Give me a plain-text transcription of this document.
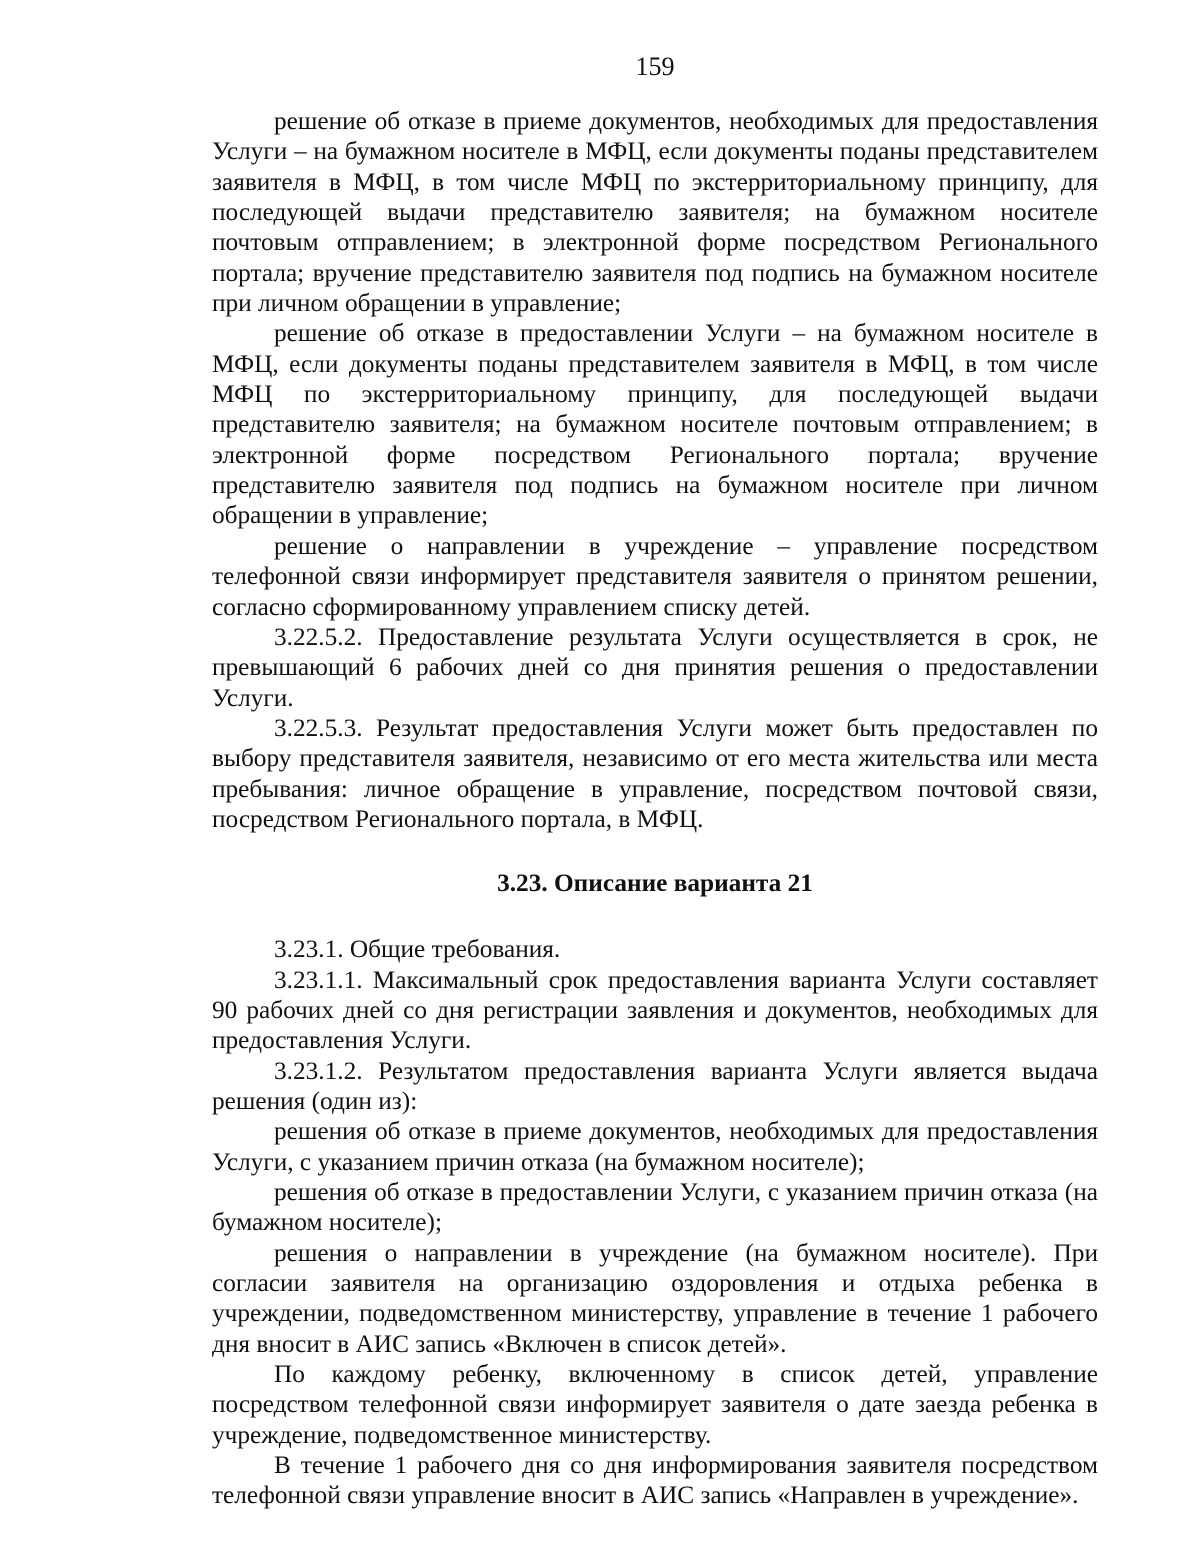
159

решение об отказе в приеме документов, необходимых для предоставления Услуги – на бумажном носителе в МФЦ, если документы поданы представителем заявителя в МФЦ, в том числе МФЦ по экстерриториальному принципу, для последующей выдачи представителю заявителя; на бумажном носителе почтовым отправлением; в электронной форме посредством Регионального портала; вручение представителю заявителя под подпись на бумажном носителе при личном обращении в управление;

решение об отказе в предоставлении Услуги – на бумажном носителе в МФЦ, если документы поданы представителем заявителя в МФЦ, в том числе МФЦ по экстерриториальному принципу, для последующей выдачи представителю заявителя; на бумажном носителе почтовым отправлением; в электронной форме посредством Регионального портала; вручение представителю заявителя под подпись на бумажном носителе при личном обращении в управление;

решение о направлении в учреждение – управление посредством телефонной связи информирует представителя заявителя о принятом решении, согласно сформированному управлением списку детей.

3.22.5.2. Предоставление результата Услуги осуществляется в срок, не превышающий 6 рабочих дней со дня принятия решения о предоставлении Услуги.

3.22.5.3. Результат предоставления Услуги может быть предоставлен по выбору представителя заявителя, независимо от его места жительства или места пребывания: личное обращение в управление, посредством почтовой связи, посредством Регионального портала, в МФЦ.

3.23. Описание варианта 21

3.23.1. Общие требования.

3.23.1.1. Максимальный срок предоставления варианта Услуги составляет 90 рабочих дней со дня регистрации заявления и документов, необходимых для предоставления Услуги.

3.23.1.2. Результатом предоставления варианта Услуги является выдача решения (один из):

решения об отказе в приеме документов, необходимых для предоставления Услуги, с указанием причин отказа (на бумажном носителе);

решения об отказе в предоставлении Услуги, с указанием причин отказа (на бумажном носителе);

решения о направлении в учреждение (на бумажном носителе). При согласии заявителя на организацию оздоровления и отдыха ребенка в учреждении, подведомственном министерству, управление в течение 1 рабочего дня вносит в АИС запись «Включен в список детей».

По каждому ребенку, включенному в список детей, управление посредством телефонной связи информирует заявителя о дате заезда ребенка в учреждение, подведомственное министерству.

В течение 1 рабочего дня со дня информирования заявителя посредством телефонной связи управление вносит в АИС запись «Направлен в учреждение».
